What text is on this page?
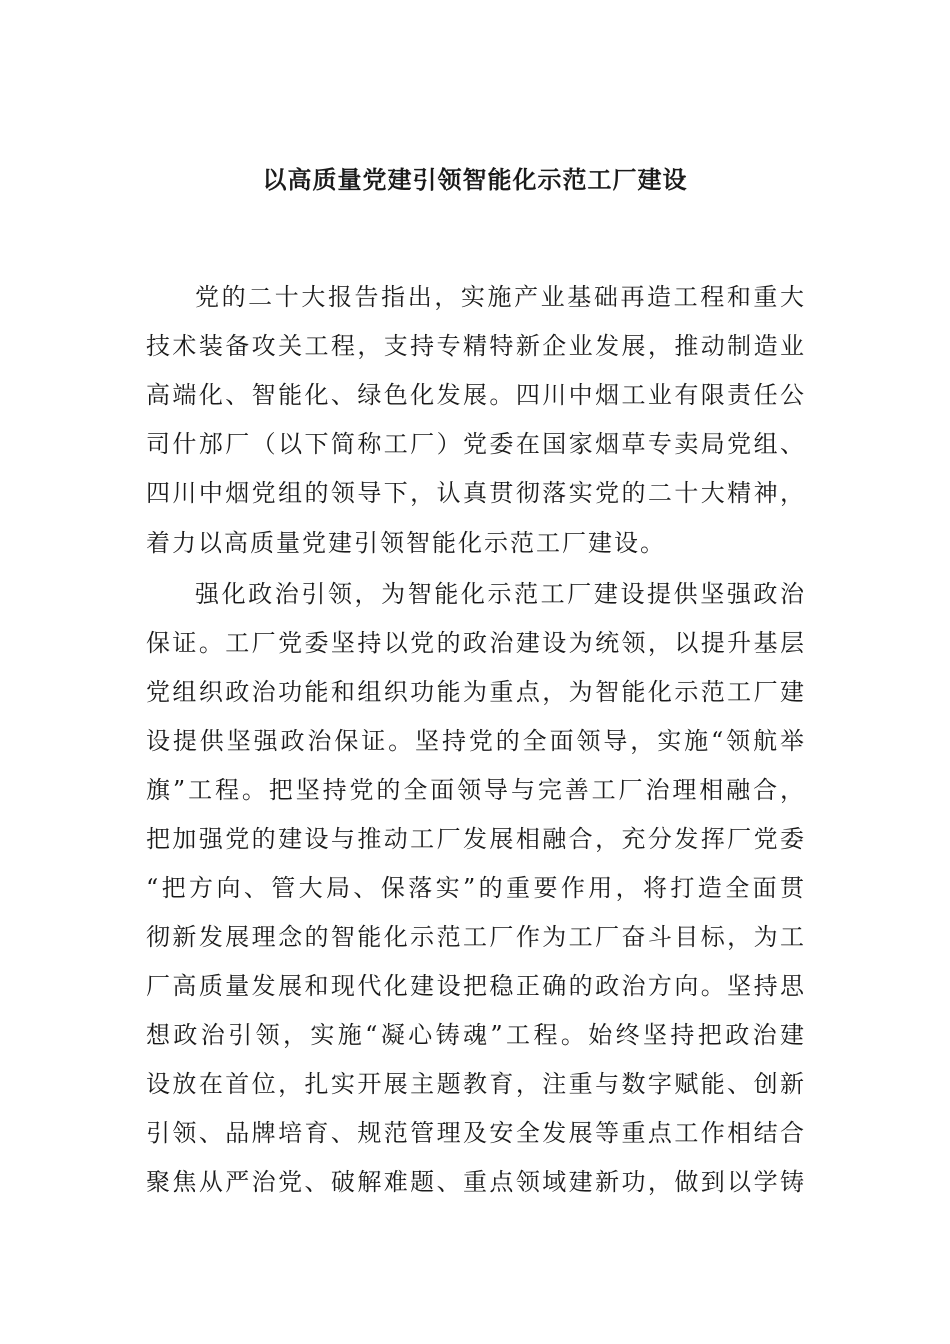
以高质量党建引领智能化示范工厂建设
党的二十大报告指出，实施产业基础再造工程和重大
技术装备攻关工程，支持专精特新企业发展，推动制造业
高端化、智能化、绿色化发展。四川中烟工业有限责任公
司什邡厂（以下简称工厂）党委在国家烟草专卖局党组、
四川中烟党组的领导下，认真贯彻落实党的二十大精神，
着力以高质量党建引领智能化示范工厂建设。
强化政治引领，为智能化示范工厂建设提供坚强政治
保证。工厂党委坚持以党的政治建设为统领，以提升基层
党组织政治功能和组织功能为重点，为智能化示范工厂建
设提供坚强政治保证。坚持党的全面领导，实施“领航举
旗”工程。把坚持党的全面领导与完善工厂治理相融合，
把加强党的建设与推动工厂发展相融合，充分发挥厂党委
“把方向、管大局、保落实”的重要作用，将打造全面贯
彻新发展理念的智能化示范工厂作为工厂奋斗目标，为工
厂高质量发展和现代化建设把稳正确的政治方向。坚持思
想政治引领，实施“凝心铸魂”工程。始终坚持把政治建
设放在首位，扎实开展主题教育，注重与数字赋能、创新
引领、品牌培育、规范管理及安全发展等重点工作相结合
聚焦从严治党、破解难题、重点领域建新功，做到以学铸
